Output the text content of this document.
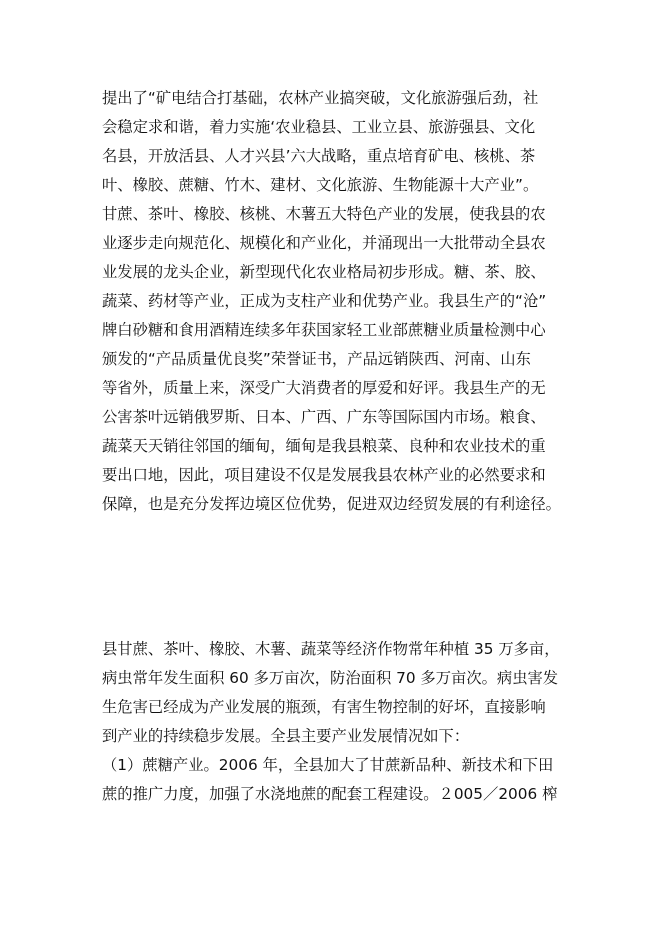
提出了“矿电结合打基础，农林产业搞突破，文化旅游强后劲，社
会稳定求和谐，着力实施‘农业稳县、工业立县、旅游强县、文化
名县，开放活县、人才兴县’六大战略，重点培育矿电、核桃、茶
叶、橡胶、蔗糖、竹木、建材、文化旅游、生物能源十大产业”。
甘蔗、茶叶、橡胶、核桃、木薯五大特色产业的发展，使我县的农
业逐步走向规范化、规模化和产业化，并涌现出一大批带动全县农
业发展的龙头企业，新型现代化农业格局初步形成。糖、茶、胶、
蔬菜、药材等产业，正成为支柱产业和优势产业。我县生产的“沧”
牌白砂糖和食用酒精连续多年获国家轻工业部蔗糖业质量检测中心
颁发的“产品质量优良奖”荣誉证书，产品远销陕西、河南、山东
等省外，质量上来，深受广大消费者的厚爱和好评。我县生产的无
公害茶叶远销俄罗斯、日本、广西、广东等国际国内市场。粮食、
蔬菜天天销往邻国的缅甸，缅甸是我县粮菜、良种和农业技术的重
要出口地，因此，项目建设不仅是发展我县农林产业的必然要求和
保障，也是充分发挥边境区位优势，促进双边经贸发展的有利途径。
县甘蔗、茶叶、橡胶、木薯、蔬菜等经济作物常年种植 35 万多亩，
病虫常年发生面积 60 多万亩次，防治面积 70 多万亩次。病虫害发
生危害已经成为产业发展的瓶颈，有害生物控制的好坏，直接影响
到产业的持续稳步发展。全县主要产业发展情况如下：
（1）蔗糖产业。2006 年，全县加大了甘蔗新品种、新技术和下田
蔗的推广力度，加强了水浇地蔗的配套工程建设。２005／2006 榨
